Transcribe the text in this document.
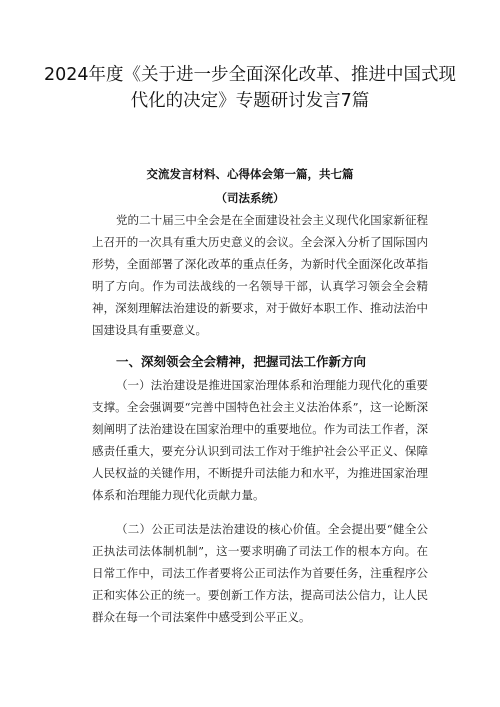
2024年度《关于进一步全面深化改革、推进中国式现代化的决定》专题研讨发言7篇
交流发言材料、心得体会第一篇，共七篇
（司法系统）

党的二十届三中全会是在全面建设社会主义现代化国家新征程上召开的一次具有重大历史意义的会议。全会深入分析了国际国内形势，全面部署了深化改革的重点任务，为新时代全面深化改革指明了方向。作为司法战线的一名领导干部，认真学习领会全会精神，深刻理解法治建设的新要求，对于做好本职工作、推动法治中国建设具有重要意义。

一、深刻领会全会精神，把握司法工作新方向

（一）法治建设是推进国家治理体系和治理能力现代化的重要支撑。全会强调要“完善中国特色社会主义法治体系”，这一论断深刻阐明了法治建设在国家治理中的重要地位。作为司法工作者，深感责任重大，要充分认识到司法工作对于维护社会公平正义、保障人民权益的关键作用，不断提升司法能力和水平，为推进国家治理体系和治理能力现代化贡献力量。

（二）公正司法是法治建设的核心价值。全会提出要“健全公正执法司法体制机制”，这一要求明确了司法工作的根本方向。在日常工作中，司法工作者要将公正司法作为首要任务，注重程序公正和实体公正的统一。要创新工作方法，提高司法公信力，让人民群众在每一个司法案件中感受到公平正义。
